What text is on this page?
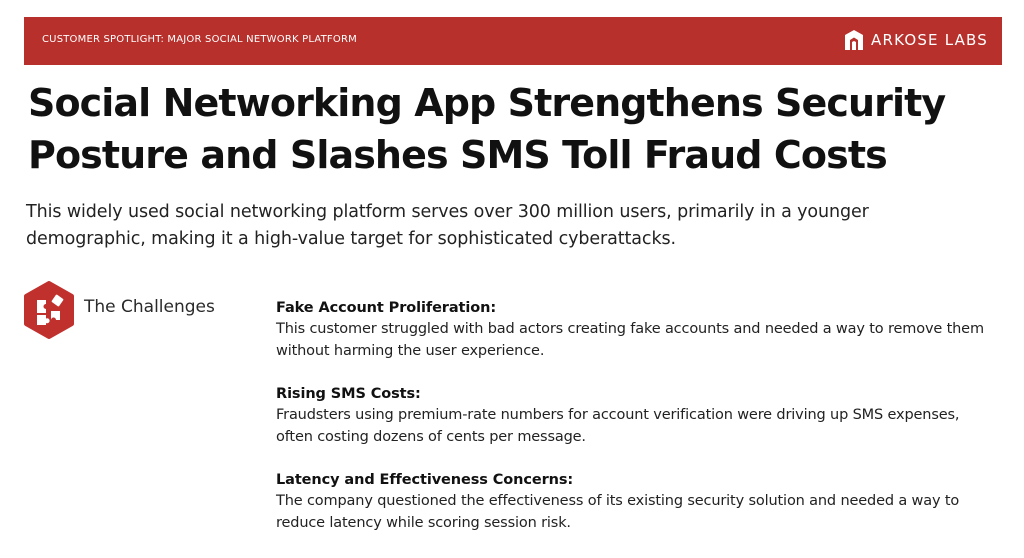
CUSTOMER SPOTLIGHT: MAJOR SOCIAL NETWORK PLATFORM	ARKOSE LABS
Social Networking App Strengthens Security Posture and Slashes SMS Toll Fraud Costs

This widely used social networking platform serves over 300 million users, primarily in a younger demographic, making it a high-value target for sophisticated cyberattacks.

The Challenges	Fake Account Proliferation:
This customer struggled with bad actors creating fake accounts and needed a way to remove them without harming the user experience.
Rising SMS Costs:
Fraudsters using premium-rate numbers for account verification were driving up SMS expenses, often costing dozens of cents per message.
Latency and Effectiveness Concerns:
The company questioned the effectiveness of its existing security solution and needed a way to reduce latency while scoring session risk.
